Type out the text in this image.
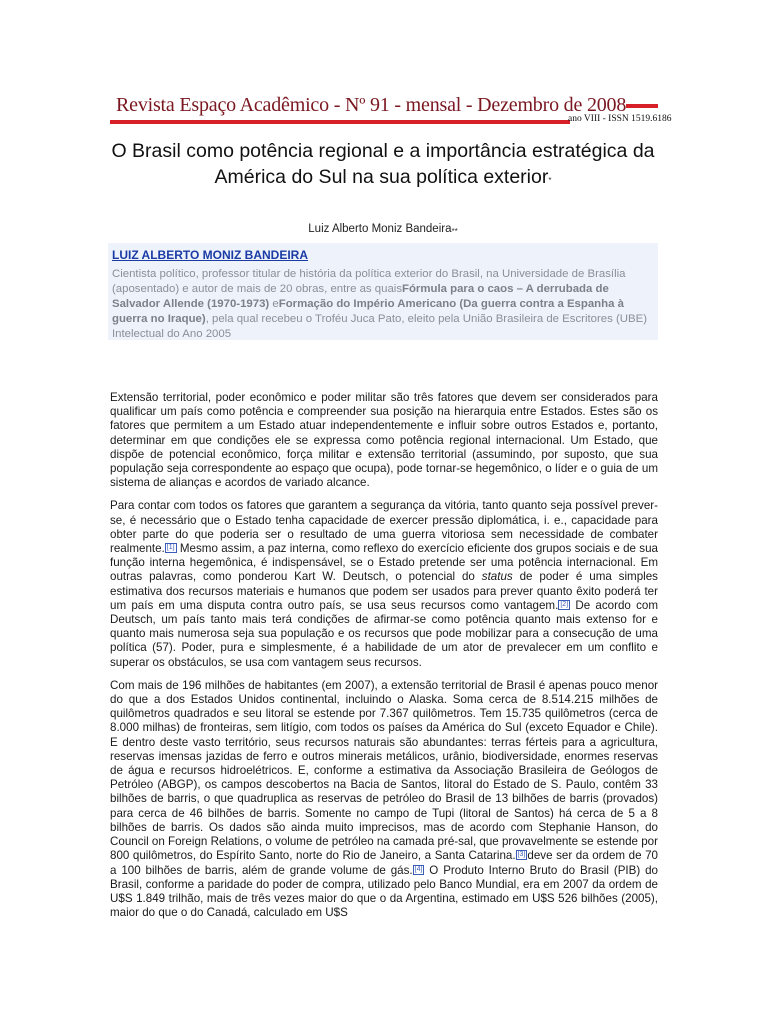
Revista Espaço Acadêmico - Nº 91 - mensal - Dezembro de 2008
ano VIII - ISSN 1519.6186
O Brasil como potência regional e a importância estratégica da América do Sul na sua política exterior*
Luiz Alberto Moniz Bandeira**
LUIZ ALBERTO MONIZ BANDEIRA
Cientista político, professor titular de história da política exterior do Brasil, na Universidade de Brasília (aposentado) e autor de mais de 20 obras, entre as quaisFórmula para o caos – A derrubada de Salvador Allende (1970-1973) eFormação do Império Americano (Da guerra contra a Espanha à guerra no Iraque), pela qual recebeu o Troféu Juca Pato, eleito pela União Brasileira de Escritores (UBE) Intelectual do Ano 2005

Extensão territorial, poder econômico e poder militar são três fatores que devem ser considerados para qualificar um país como potência e compreender sua posição na hierarquia entre Estados. Estes são os fatores que permitem a um Estado atuar independentemente e influir sobre outros Estados e, portanto, determinar em que condições ele se expressa como potência regional internacional. Um Estado, que dispõe de potencial econômico, força militar e extensão territorial (assumindo, por suposto, que sua população seja correspondente ao espaço que ocupa), pode tornar-se hegemônico, o líder e o guia de um sistema de alianças e acordos de variado alcance.

Para contar com todos os fatores que garantem a segurança da vitória, tanto quanto seja possível prever-se, é necessário que o Estado tenha capacidade de exercer pressão diplomática, i. e., capacidade para obter parte do que poderia ser o resultado de uma guerra vitoriosa sem necessidade de combater realmente. [1] Mesmo assim, a paz interna, como reflexo do exercício eficiente dos grupos sociais e de sua função interna hegemônica, é indispensável, se o Estado pretende ser uma potência internacional. Em outras palavras, como ponderou Kart W. Deutsch, o potencial do status de poder é uma simples estimativa dos recursos materiais e humanos que podem ser usados para prever quanto êxito poderá ter um país em uma disputa contra outro país, se usa seus recursos como vantagem. [2] De acordo com Deutsch, um país tanto mais terá condições de afirmar-se como potência quanto mais extenso for e quanto mais numerosa seja sua população e os recursos que pode mobilizar para a consecução de uma política (57). Poder, pura e simplesmente, é a habilidade de um ator de prevalecer em um conflito e superar os obstáculos, se usa com vantagem seus recursos.

Com mais de 196 milhões de habitantes (em 2007), a extensão territorial de Brasil é apenas pouco menor do que a dos Estados Unidos continental, incluindo o Alaska. Soma cerca de 8.514.215 milhões de quilômetros quadrados e seu litoral se estende por 7.367 quilômetros. Tem 15.735 quilômetros (cerca de 8.000 milhas) de fronteiras, sem litígio, com todos os países da América do Sul (exceto Equador e Chile). E dentro deste vasto território, seus recursos naturais são abundantes: terras férteis para a agricultura, reservas imensas jazidas de ferro e outros minerais metálicos, urânio, biodiversidade, enormes reservas de água e recursos hidroelétricos. E, conforme a estimativa da Associação Brasileira de Geólogos de Petróleo (ABGP), os campos descobertos na Bacia de Santos, litoral do Estado de S. Paulo, contêm 33 bilhões de barris, o que quadruplica as reservas de petróleo do Brasil de 13 bilhões de barris (provados) para cerca de 46 bilhões de barris. Somente no campo de Tupi (litoral de Santos) há cerca de 5 a 8 bilhões de barris. Os dados são ainda muito imprecisos, mas de acordo com Stephanie Hanson, do Council on Foreign Relations, o volume de petróleo na camada pré-sal, que provavelmente se estende por 800 quilômetros, do Espírito Santo, norte do Rio de Janeiro, a Santa Catarina. [3] deve ser da ordem de 70 a 100 bilhões de barris, além de grande volume de gás. [4] O Produto Interno Bruto do Brasil (PIB) do Brasil, conforme a paridade do poder de compra, utilizado pelo Banco Mundial, era em 2007 da ordem de U$S 1.849 trilhão, mais de três vezes maior do que o da Argentina, estimado em U$S 526 bilhões (2005), maior do que o do Canadá, calculado em U$S
